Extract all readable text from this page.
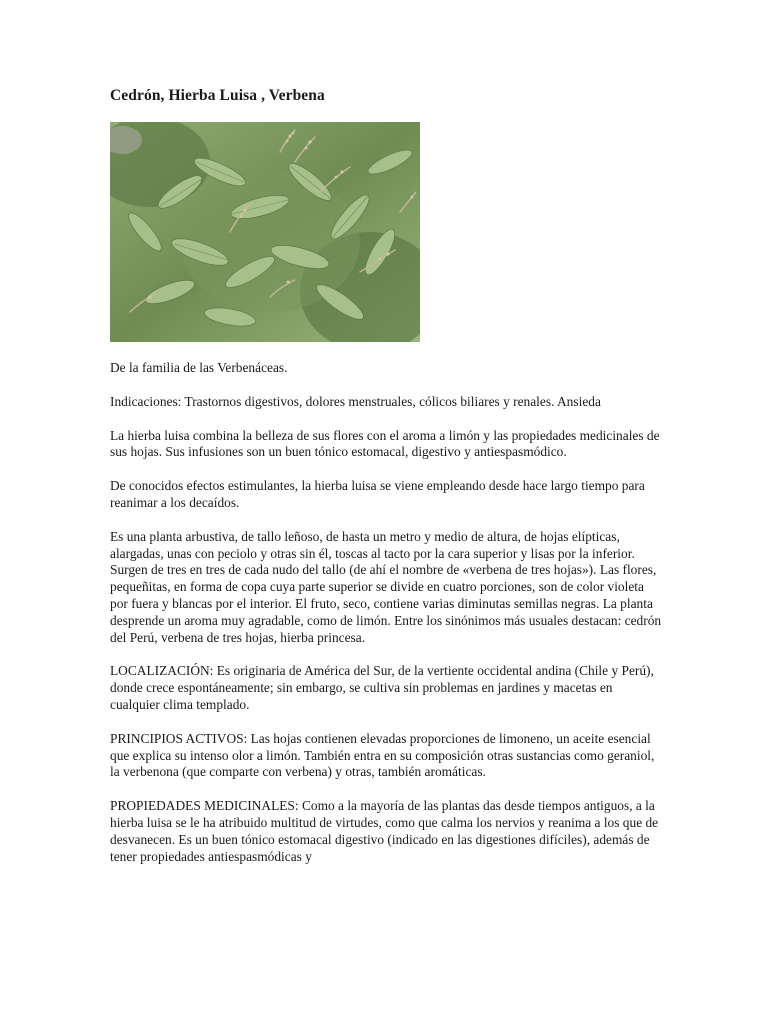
Cedrón, Hierba Luisa , Verbena

De la familia de las Verbenáceas.

Indicaciones: Trastornos digestivos, dolores menstruales, cólicos biliares y renales. Ansieda

La hierba luisa combina la belleza de sus flores con el aroma a limón y las propiedades medicinales de sus hojas. Sus infusiones son un buen tónico estomacal, digestivo y antiespasmódico.

De conocidos efectos estimulantes, la hierba luisa se viene empleando desde hace largo tiempo para reanimar a los decaídos.

Es una planta arbustiva, de tallo leñoso, de hasta un metro y medio de altura, de hojas elípticas, alargadas, unas con peciolo y otras sin él, toscas al tacto por la cara superior y lisas por la inferior. Surgen de tres en tres de cada nudo del tallo (de ahí el nombre de «verbena de tres hojas»). Las flores, pequeñitas, en forma de copa cuya parte superior se divide en cuatro porciones, son de color violeta por fuera y blancas por el interior. El fruto, seco, contiene varias diminutas semillas negras. La planta desprende un aroma muy agradable, como de limón. Entre los sinónimos más usuales destacan: cedrón del Perú, verbena de tres hojas, hierba princesa.

LOCALIZACIÓN: Es originaria de América del Sur, de la vertiente occidental andina (Chile y Perú), donde crece espontáneamente; sin embargo, se cultiva sin problemas en jardines y macetas en cualquier clima templado.

PRINCIPIOS ACTIVOS: Las hojas contienen elevadas proporciones de limoneno, un aceite esencial que explica su intenso olor a limón. También entra en su composición otras sustancias como geraniol, la verbenona (que comparte con verbena) y otras, también aromáticas.

PROPIEDADES MEDICINALES: Como a la mayoría de las plantas das desde tiempos antiguos, a la hierba luisa se le ha atribuido multitud de virtudes, como que calma los nervios y reanima a los que de desvanecen. Es un buen tónico estomacal digestivo (indicado en las digestiones difíciles), además de tener propiedades antiespasmódicas y
